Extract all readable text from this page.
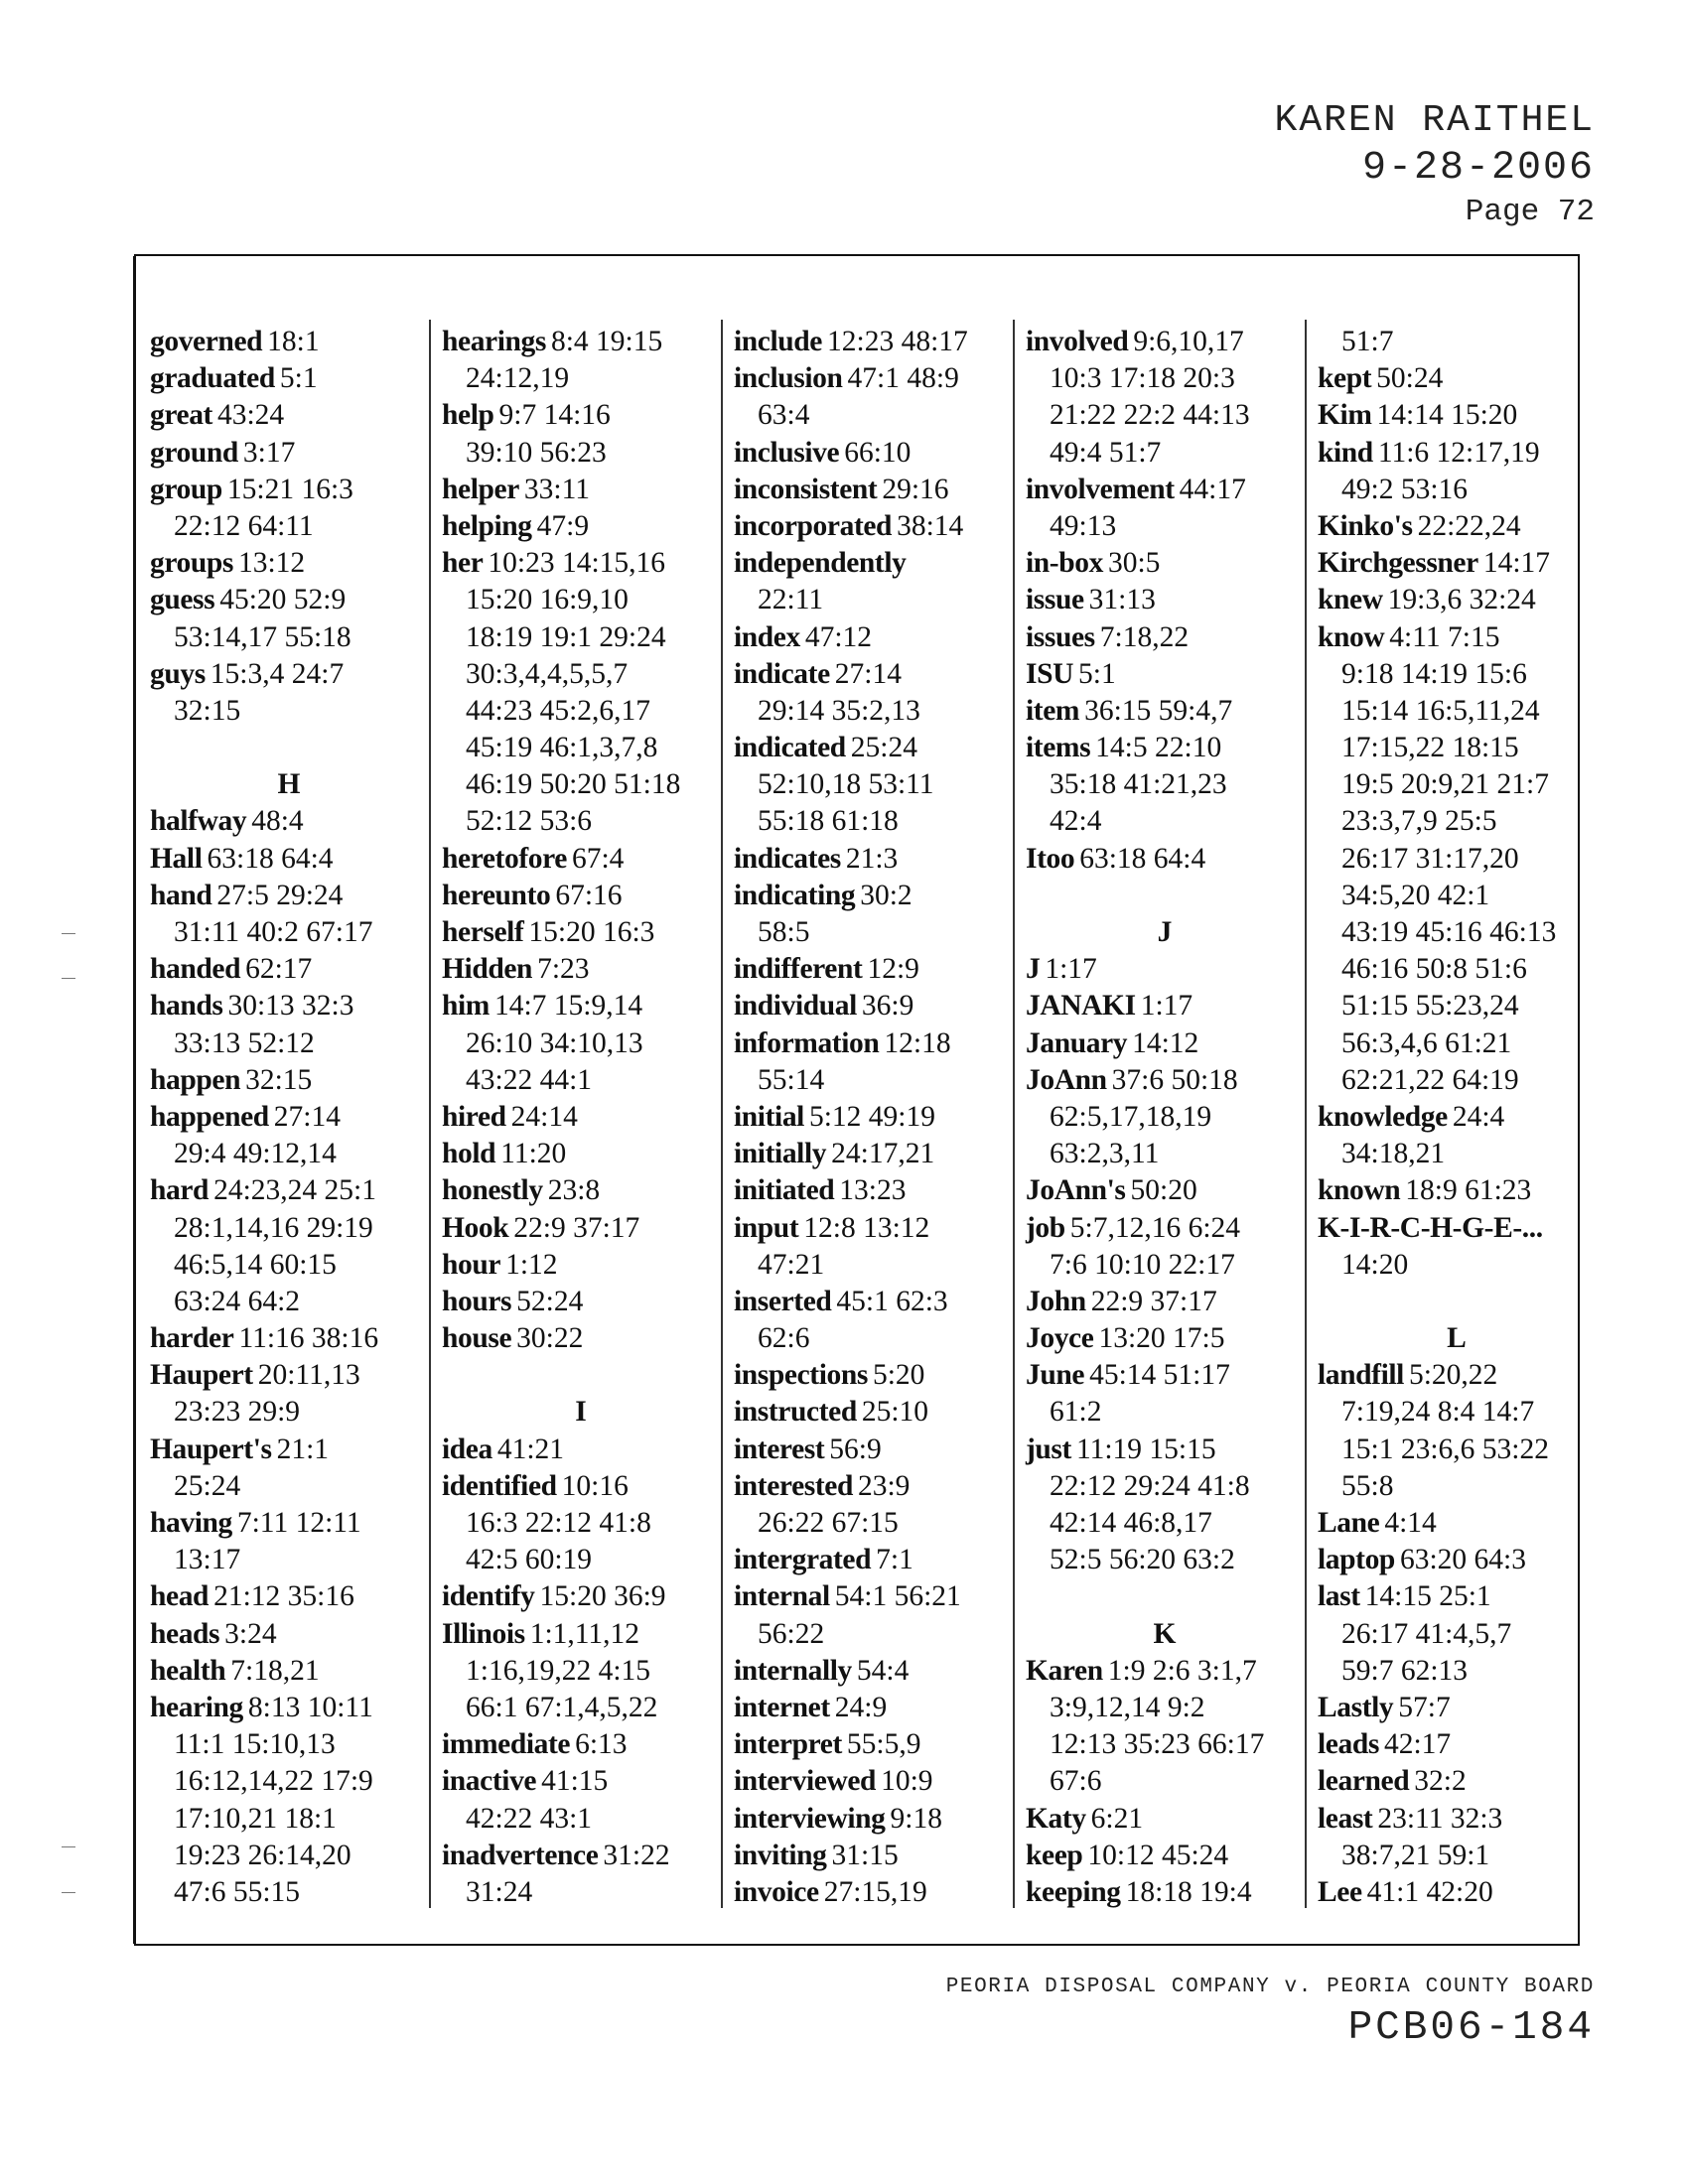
KAREN RAITHEL
9-28-2006
Page 72
governed 18:1
graduated 5:1
great 43:24
ground 3:17
group 15:21 16:3
22:12 64:11
groups 13:12
guess 45:20 52:9
53:14,17 55:18
guys 15:3,4 24:7
32:15
H
halfway 48:4
Hall 63:18 64:4
hand 27:5 29:24
31:11 40:2 67:17
handed 62:17
hands 30:13 32:3
33:13 52:12
happen 32:15
happened 27:14
29:4 49:12,14
hard 24:23,24 25:1
28:1,14,16 29:19
46:5,14 60:15
63:24 64:2
harder 11:16 38:16
Haupert 20:11,13
23:23 29:9
Haupert's 21:1
25:24
having 7:11 12:11
13:17
head 21:12 35:16
heads 3:24
health 7:18,21
hearing 8:13 10:11
11:1 15:10,13
16:12,14,22 17:9
17:10,21 18:1
19:23 26:14,20
47:6 55:15
hearings 8:4 19:15
24:12,19
help 9:7 14:16
39:10 56:23
helper 33:11
helping 47:9
her 10:23 14:15,16
15:20 16:9,10
18:19 19:1 29:24
30:3,4,4,5,5,7
44:23 45:2,6,17
45:19 46:1,3,7,8
46:19 50:20 51:18
52:12 53:6
heretofore 67:4
hereunto 67:16
herself 15:20 16:3
Hidden 7:23
him 14:7 15:9,14
26:10 34:10,13
43:22 44:1
hired 24:14
hold 11:20
honestly 23:8
Hook 22:9 37:17
hour 1:12
hours 52:24
house 30:22
I
idea 41:21
identified 10:16
16:3 22:12 41:8
42:5 60:19
identify 15:20 36:9
Illinois 1:1,11,12
1:16,19,22 4:15
66:1 67:1,4,5,22
immediate 6:13
inactive 41:15
42:22 43:1
inadvertence 31:22
31:24
include 12:23 48:17
inclusion 47:1 48:9
63:4
inclusive 66:10
inconsistent 29:16
incorporated 38:14
independently
22:11
index 47:12
indicate 27:14
29:14 35:2,13
indicated 25:24
52:10,18 53:11
55:18 61:18
indicates 21:3
indicating 30:2
58:5
indifferent 12:9
individual 36:9
information 12:18
55:14
initial 5:12 49:19
initially 24:17,21
initiated 13:23
input 12:8 13:12
47:21
inserted 45:1 62:3
62:6
inspections 5:20
instructed 25:10
interest 56:9
interested 23:9
26:22 67:15
intergrated 7:1
internal 54:1 56:21
56:22
internally 54:4
internet 24:9
interpret 55:5,9
interviewed 10:9
interviewing 9:18
inviting 31:15
invoice 27:15,19
involved 9:6,10,17
10:3 17:18 20:3
21:22 22:2 44:13
49:4 51:7
involvement 44:17
49:13
in-box 30:5
issue 31:13
issues 7:18,22
ISU 5:1
item 36:15 59:4,7
items 14:5 22:10
35:18 41:21,23
42:4
Itoo 63:18 64:4
J
J 1:17
JANAKI 1:17
January 14:12
JoAnn 37:6 50:18
62:5,17,18,19
63:2,3,11
JoAnn's 50:20
job 5:7,12,16 6:24
7:6 10:10 22:17
John 22:9 37:17
Joyce 13:20 17:5
June 45:14 51:17
61:2
just 11:19 15:15
22:12 29:24 41:8
42:14 46:8,17
52:5 56:20 63:2
K
Karen 1:9 2:6 3:1,7
3:9,12,14 9:2
12:13 35:23 66:17
67:6
Katy 6:21
keep 10:12 45:24
keeping 18:18 19:4
51:7
kept 50:24
Kim 14:14 15:20
kind 11:6 12:17,19
49:2 53:16
Kinko's 22:22,24
Kirchgessner 14:17
knew 19:3,6 32:24
know 4:11 7:15
9:18 14:19 15:6
15:14 16:5,11,24
17:15,22 18:15
19:5 20:9,21 21:7
23:3,7,9 25:5
26:17 31:17,20
34:5,20 42:1
43:19 45:16 46:13
46:16 50:8 51:6
51:15 55:23,24
56:3,4,6 61:21
62:21,22 64:19
knowledge 24:4
34:18,21
known 18:9 61:23
K-I-R-C-H-G-E-...
14:20
L
landfill 5:20,22
7:19,24 8:4 14:7
15:1 23:6,6 53:22
55:8
Lane 4:14
laptop 63:20 64:3
last 14:15 25:1
26:17 41:4,5,7
59:7 62:13
Lastly 57:7
leads 42:17
learned 32:2
least 23:11 32:3
38:7,21 59:1
Lee 41:1 42:20
PEORIA DISPOSAL COMPANY v. PEORIA COUNTY BOARD
PCB06-184
